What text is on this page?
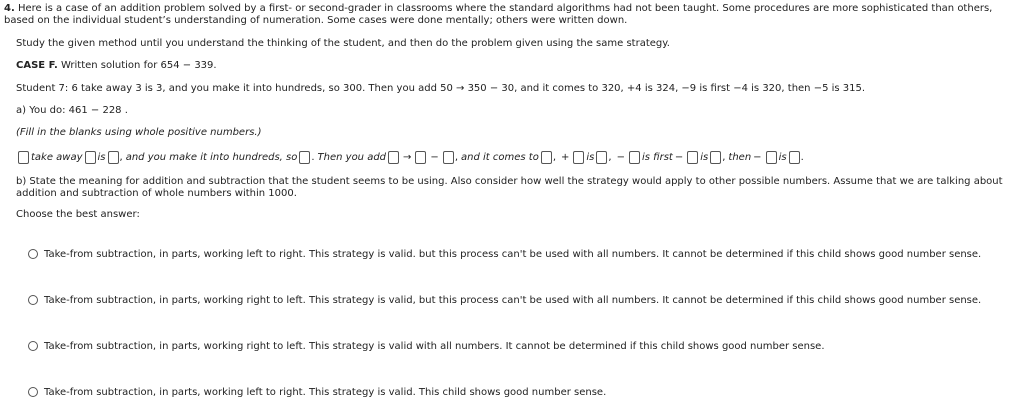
4. Here is a case of an addition problem solved by a first- or second-grader in classrooms where the standard algorithms had not been taught. Some procedures are more sophisticated than others, based on the individual student’s understanding of numeration. Some cases were done mentally; others were written down.
Study the given method until you understand the thinking of the student, and then do the problem given using the same strategy.
CASE F. Written solution for 654 − 339.
Student 7: 6 take away 3 is 3, and you make it into hundreds, so 300. Then you add 50 → 350 − 30, and it comes to 320, +4 is 324, −9 is first −4 is 320, then −5 is 315.
a) You do: 461 − 228 .
(Fill in the blanks using whole positive numbers.)
take away is , and you make it into hundreds, so . Then you add → − , and it comes to , + is , − is first − is , then − is .
b) State the meaning for addition and subtraction that the student seems to be using. Also consider how well the strategy would apply to other possible numbers. Assume that we are talking about addition and subtraction of whole numbers within 1000.
Choose the best answer:
Take-from subtraction, in parts, working left to right. This strategy is valid. but this process can't be used with all numbers. It cannot be determined if this child shows good number sense.
Take-from subtraction, in parts, working right to left. This strategy is valid, but this process can't be used with all numbers. It cannot be determined if this child shows good number sense.
Take-from subtraction, in parts, working right to left. This strategy is valid with all numbers. It cannot be determined if this child shows good number sense.
Take-from subtraction, in parts, working left to right. This strategy is valid. This child shows good number sense.
